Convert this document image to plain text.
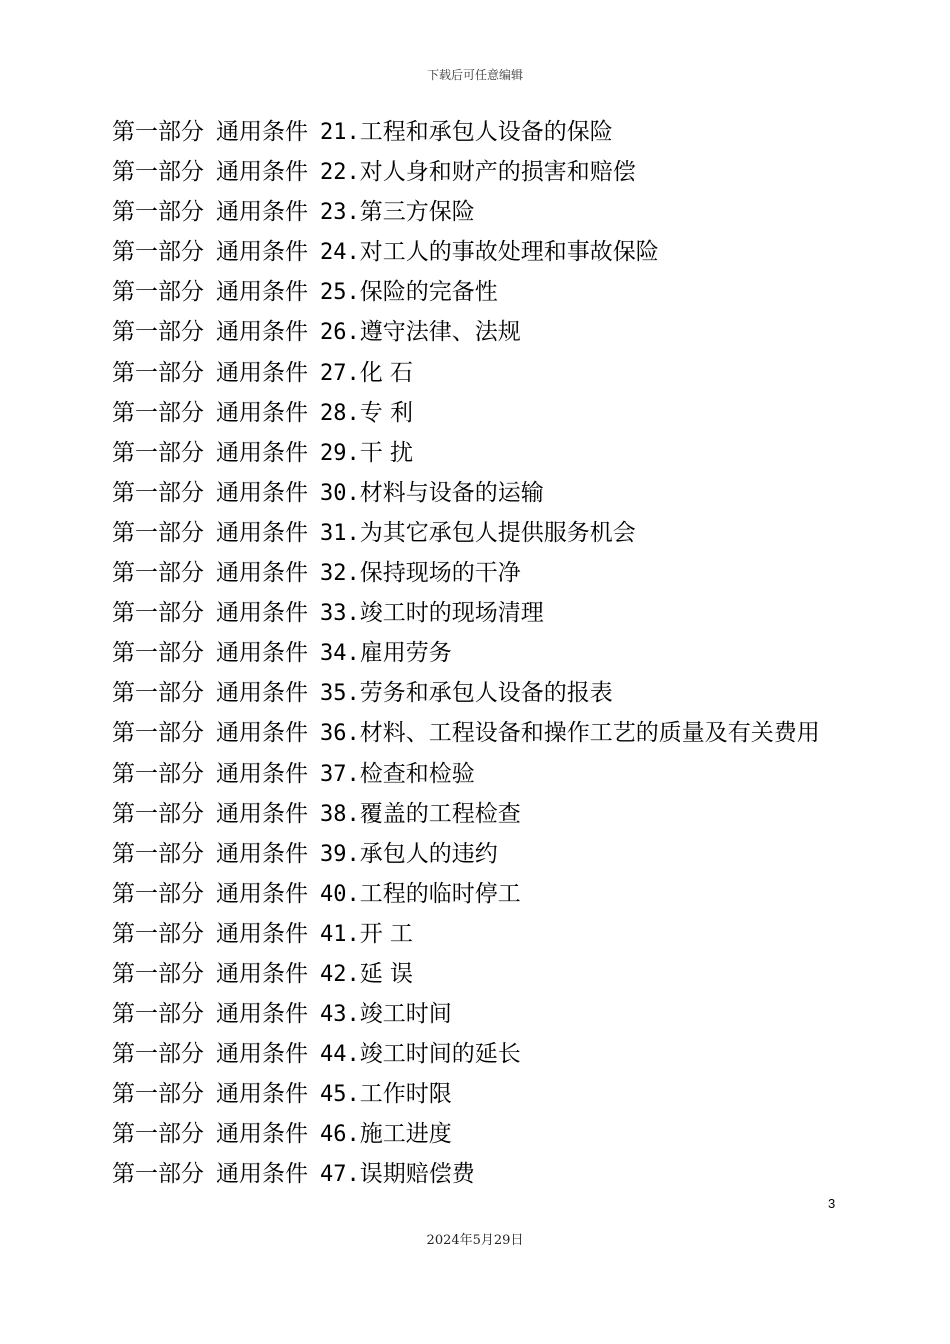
下载后可任意编辑
第一部分 通用条件 21.工程和承包人设备的保险
第一部分 通用条件 22.对人身和财产的损害和赔偿
第一部分 通用条件 23.第三方保险
第一部分 通用条件 24.对工人的事故处理和事故保险
第一部分 通用条件 25.保险的完备性
第一部分 通用条件 26.遵守法律、法规
第一部分 通用条件 27.化 石
第一部分 通用条件 28.专 利
第一部分 通用条件 29.干 扰
第一部分 通用条件 30.材料与设备的运输
第一部分 通用条件 31.为其它承包人提供服务机会
第一部分 通用条件 32.保持现场的干净
第一部分 通用条件 33.竣工时的现场清理
第一部分 通用条件 34.雇用劳务
第一部分 通用条件 35.劳务和承包人设备的报表
第一部分 通用条件 36.材料、工程设备和操作工艺的质量及有关费用
第一部分 通用条件 37.检查和检验
第一部分 通用条件 38.覆盖的工程检查
第一部分 通用条件 39.承包人的违约
第一部分 通用条件 40.工程的临时停工
第一部分 通用条件 41.开 工
第一部分 通用条件 42.延 误
第一部分 通用条件 43.竣工时间
第一部分 通用条件 44.竣工时间的延长
第一部分 通用条件 45.工作时限
第一部分 通用条件 46.施工进度
第一部分 通用条件 47.误期赔偿费
3
2024年5月29日
